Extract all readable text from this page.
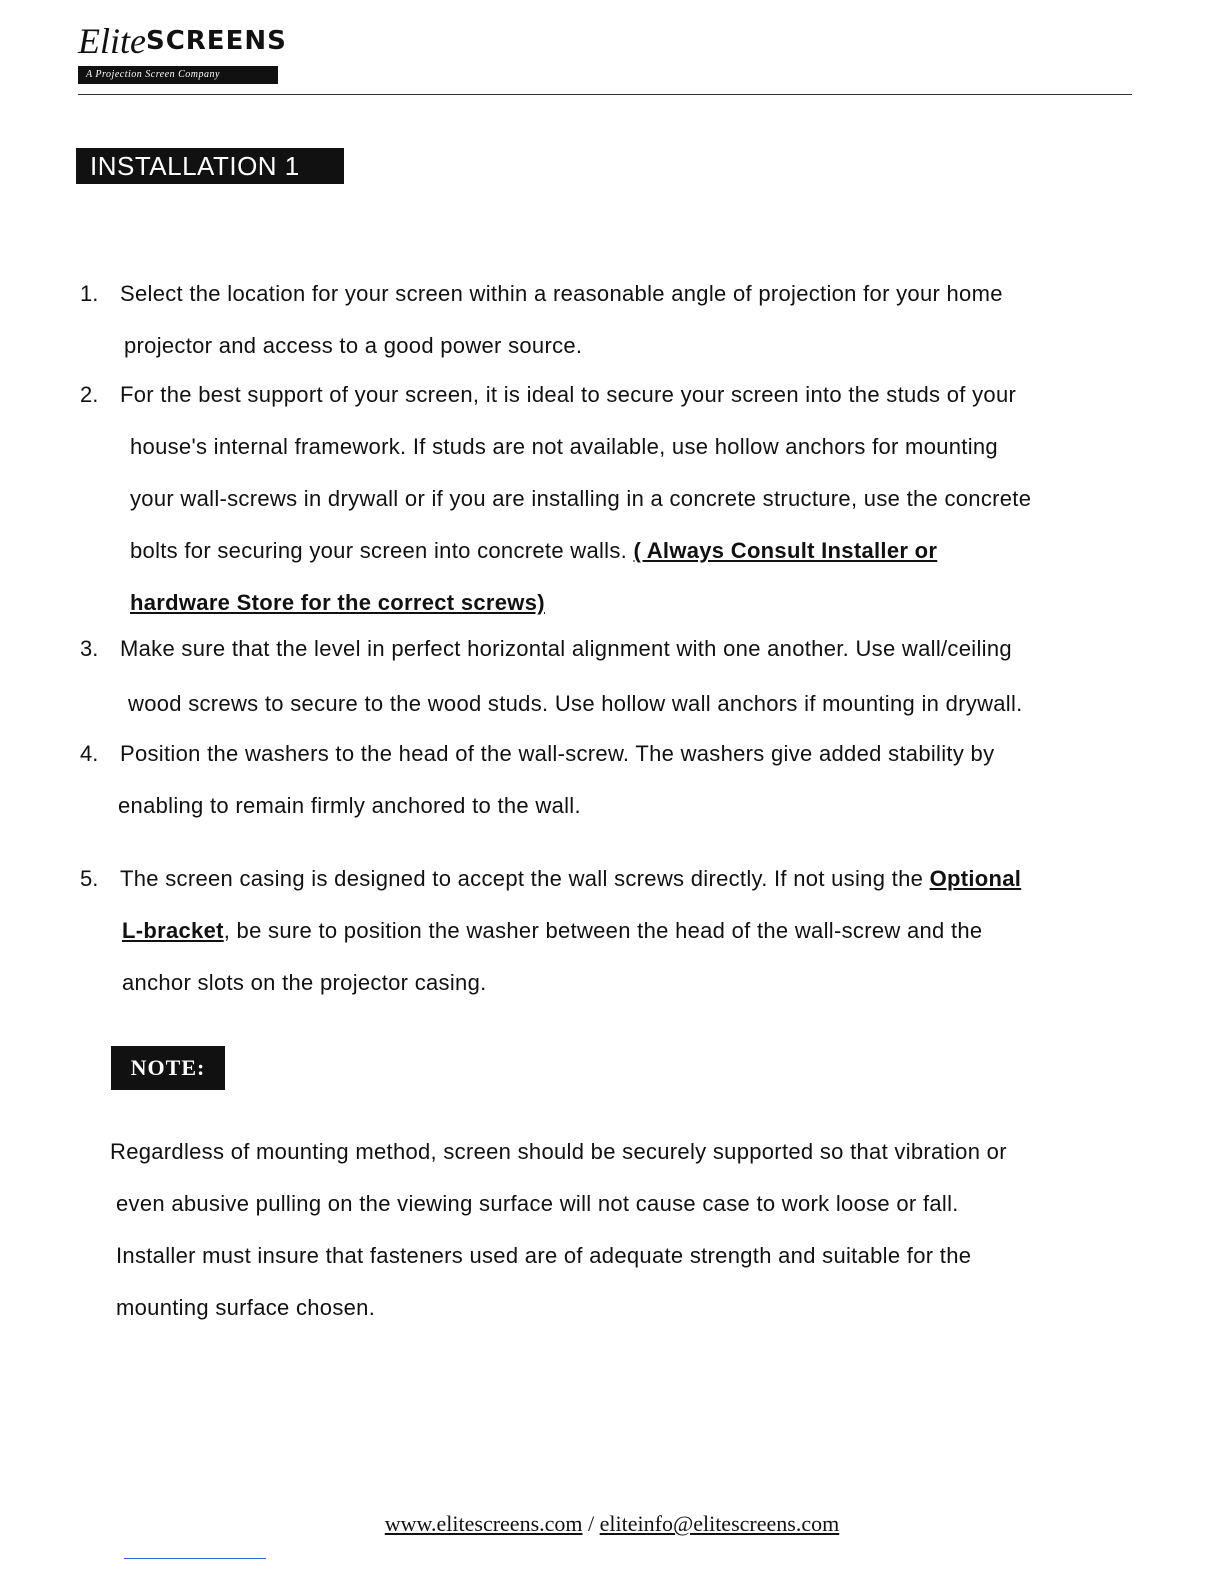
EliteSCREENS
A Projection Screen Company
INSTALLATION 1
1. Select the location for your screen within a reasonable angle of projection for your home
projector and access to a good power source.
2. For the best support of your screen, it is ideal to secure your screen into the studs of your
house's internal framework. If studs are not available, use hollow anchors for mounting
your wall-screws in drywall or if you are installing in a concrete structure, use the concrete
bolts for securing your screen into concrete walls. ( Always Consult Installer or
hardware Store for the correct screws)
3. Make sure that the level in perfect horizontal alignment with one another. Use wall/ceiling
wood screws to secure to the wood studs. Use hollow wall anchors if mounting in drywall.
4. Position the washers to the head of the wall-screw. The washers give added stability by
enabling to remain firmly anchored to the wall.
5. The screen casing is designed to accept the wall screws directly. If not using the Optional
L-bracket, be sure to position the washer between the head of the wall-screw and the
anchor slots on the projector casing.
NOTE:
Regardless of mounting method, screen should be securely supported so that vibration or
even abusive pulling on the viewing surface will not cause case to work loose or fall.
Installer must insure that fasteners used are of adequate strength and suitable for the
mounting surface chosen.
www.elitescreens.com / eliteinfo@elitescreens.com
